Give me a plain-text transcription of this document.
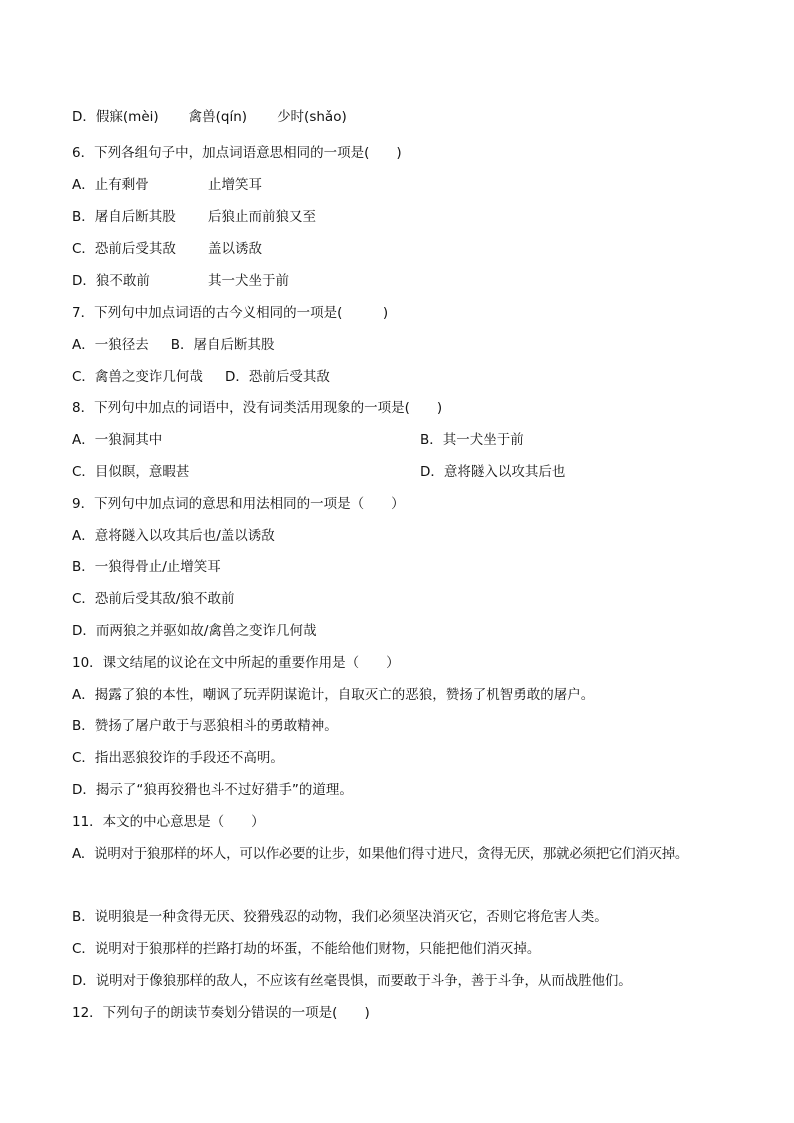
D．假寐(mèi) 禽兽(qín) 少时(shǎo)
6．下列各组句子中，加点词语意思相同的一项是(　　)
A．止有剩骨	止增笑耳
B．屠自后断其股 后狼止而前狼又至
C．恐前后受其敌 盖以诱敌
D．狼不敢前	其一犬坐于前
7．下列句中加点词语的古今义相同的一项是(　　　)
A．一狼径去 B．屠自后断其股
C．禽兽之变诈几何哉 D．恐前后受其敌
8．下列句中加点的词语中，没有词类活用现象的一项是(　　)
A．一狼洞其中	B．其一犬坐于前
C．目似瞑，意暇甚	D．意将隧入以攻其后也
9．下列句中加点词的意思和用法相同的一项是（　　）
A．意将隧入以攻其后也/盖以诱敌
B．一狼得骨止/止增笑耳
C．恐前后受其敌/狼不敢前
D．而两狼之并驱如故/禽兽之变诈几何哉
10．课文结尾的议论在文中所起的重要作用是（　　）
A．揭露了狼的本性，嘲讽了玩弄阴谋诡计，自取灭亡的恶狼，赞扬了机智勇敢的屠户。
B．赞扬了屠户敢于与恶狼相斗的勇敢精神。
C．指出恶狼狡诈的手段还不高明。
D．揭示了“狼再狡猾也斗不过好猎手”的道理。
11．本文的中心意思是（　　）
A．说明对于狼那样的坏人，可以作必要的让步，如果他们得寸进尺，贪得无厌，那就必须把它们消灭掉。
B．说明狼是一种贪得无厌、狡猾残忍的动物，我们必须坚决消灭它，否则它将危害人类。
C．说明对于狼那样的拦路打劫的坏蛋，不能给他们财物，只能把他们消灭掉。
D．说明对于像狼那样的敌人，不应该有丝毫畏惧，而要敢于斗争，善于斗争，从而战胜他们。
12．下列句子的朗读节奏划分错误的一项是(　　)
